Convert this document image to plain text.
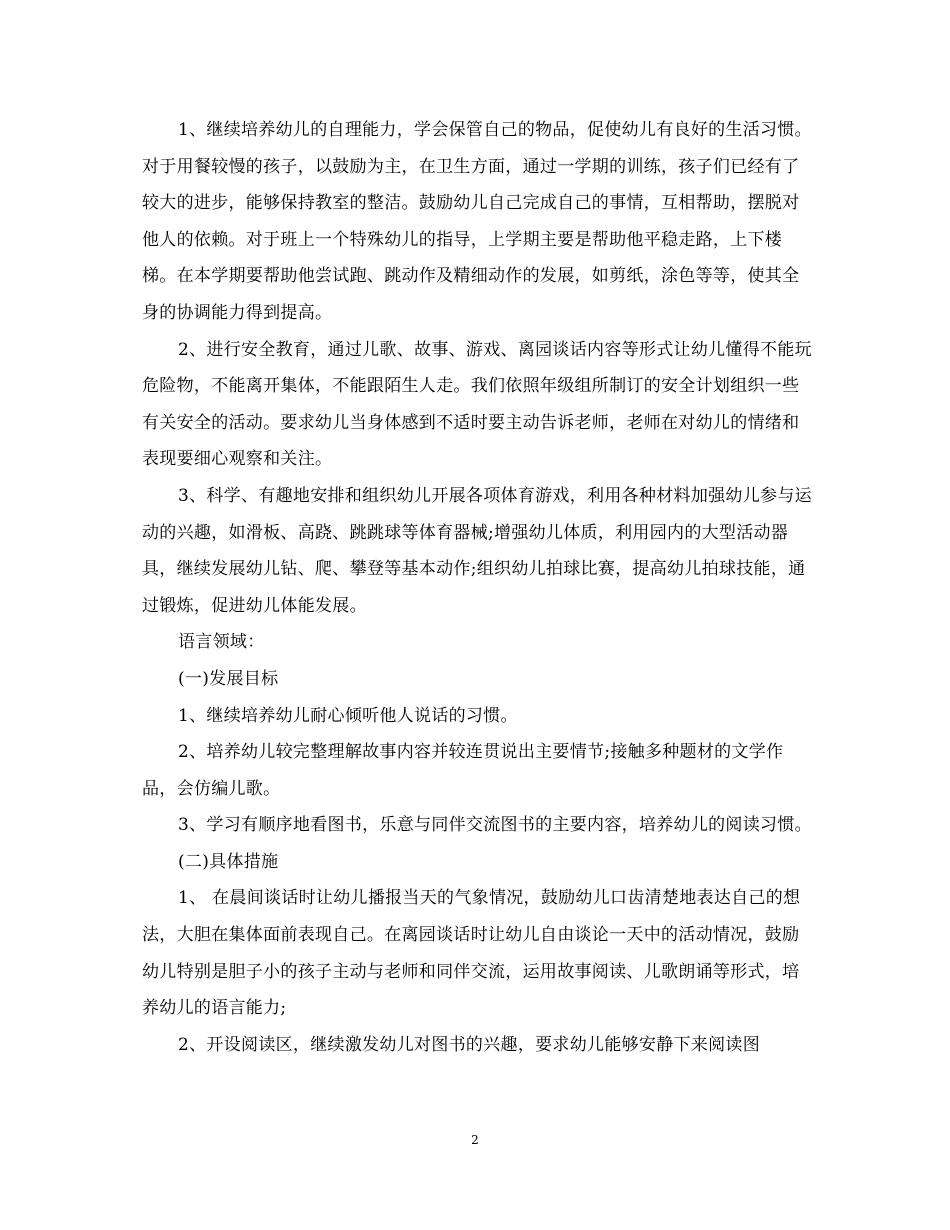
1、继续培养幼儿的自理能力，学会保管自己的物品，促使幼儿有良好的生活习惯。对于用餐较慢的孩子，以鼓励为主，在卫生方面，通过一学期的训练，孩子们已经有了较大的进步，能够保持教室的整洁。鼓励幼儿自己完成自己的事情，互相帮助，摆脱对他人的依赖。对于班上一个特殊幼儿的指导，上学期主要是帮助他平稳走路，上下楼梯。在本学期要帮助他尝试跑、跳动作及精细动作的发展，如剪纸，涂色等等，使其全身的协调能力得到提高。

2、进行安全教育，通过儿歌、故事、游戏、离园谈话内容等形式让幼儿懂得不能玩危险物，不能离开集体，不能跟陌生人走。我们依照年级组所制订的安全计划组织一些有关安全的活动。要求幼儿当身体感到不适时要主动告诉老师，老师在对幼儿的情绪和表现要细心观察和关注。

3、科学、有趣地安排和组织幼儿开展各项体育游戏，利用各种材料加强幼儿参与运动的兴趣，如滑板、高跷、跳跳球等体育器械;增强幼儿体质，利用园内的大型活动器具，继续发展幼儿钻、爬、攀登等基本动作;组织幼儿拍球比赛，提高幼儿拍球技能，通过锻炼，促进幼儿体能发展。

语言领域：

(一)发展目标

1、继续培养幼儿耐心倾听他人说话的习惯。

2、培养幼儿较完整理解故事内容并较连贯说出主要情节;接触多种题材的文学作品，会仿编儿歌。

3、学习有顺序地看图书，乐意与同伴交流图书的主要内容，培养幼儿的阅读习惯。

(二)具体措施

1、 在晨间谈话时让幼儿播报当天的气象情况，鼓励幼儿口齿清楚地表达自己的想法，大胆在集体面前表现自己。在离园谈话时让幼儿自由谈论一天中的活动情况，鼓励幼儿特别是胆子小的孩子主动与老师和同伴交流，运用故事阅读、儿歌朗诵等形式，培养幼儿的语言能力;

2、开设阅读区，继续激发幼儿对图书的兴趣，要求幼儿能够安静下来阅读图

2
